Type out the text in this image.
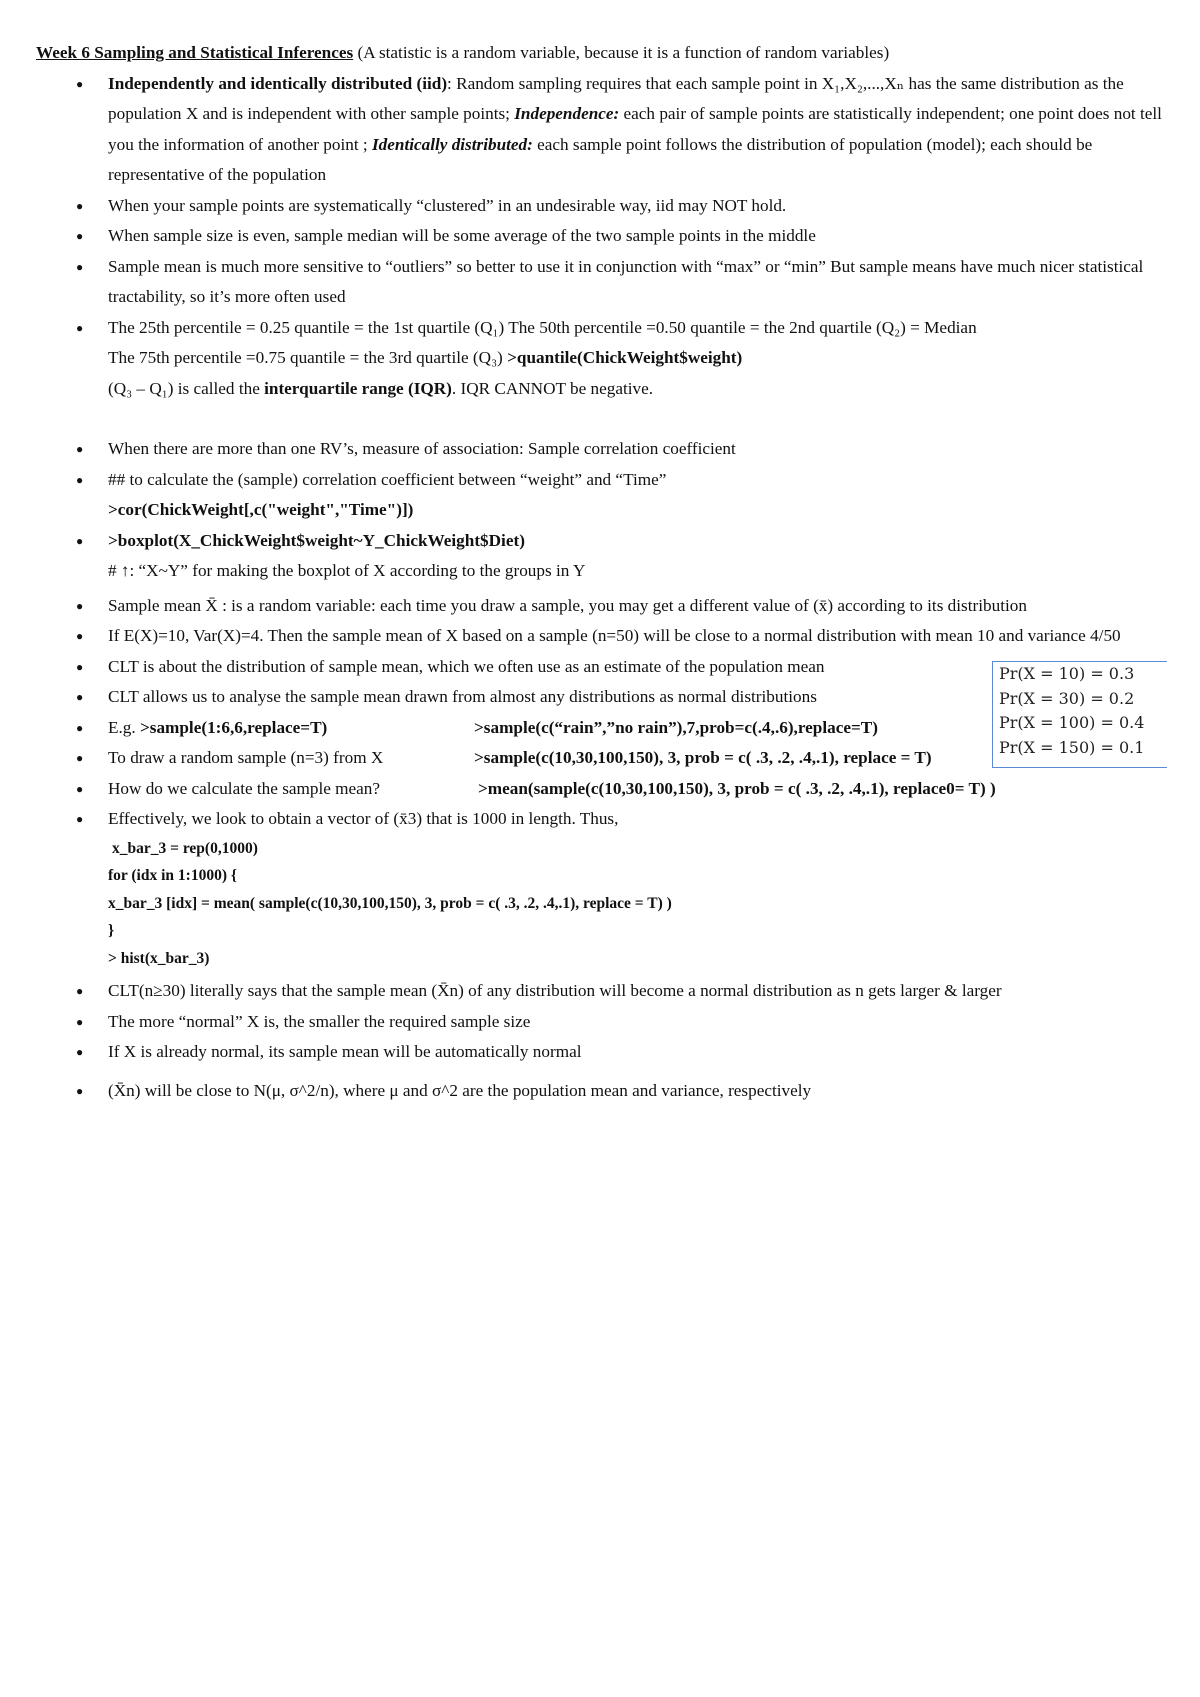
Week 6 Sampling and Statistical Inferences (A statistic is a random variable, because it is a function of random variables)
● Independently and identically distributed (iid): Random sampling requires that each sample point in X₁,X₂,...,Xₙ has the same distribution as the population X and is independent with other sample points; Independence: each pair of sample points are statistically independent; one point does not tell you the information of another point ; Identically distributed: each sample point follows the distribution of population (model); each should be representative of the population
● When your sample points are systematically “clustered” in an undesirable way, iid may NOT hold.
● When sample size is even, sample median will be some average of the two sample points in the middle
● Sample mean is much more sensitive to “outliers” so better to use it in conjunction with “max” or “min” But sample means have much nicer statistical tractability, so it’s more often used
● The 25th percentile = 0.25 quantile = the 1st quartile (Q₁) The 50th percentile =0.50 quantile = the 2nd quartile (Q₂) = Median
The 75th percentile =0.75 quantile = the 3rd quartile (Q₃) >quantile(ChickWeight$weight)
(Q₃ – Q₁) is called the interquartile range (IQR). IQR CANNOT be negative.
● When there are more than one RV’s, measure of association: Sample correlation coefficient
● ## to calculate the (sample) correlation coefficient between “weight” and “Time”
>cor(ChickWeight[,c("weight","Time")])
● >boxplot(X_ChickWeight$weight~Y_ChickWeight$Diet)
# ↑: “X~Y” for making the boxplot of X according to the groups in Y
● Sample mean X̄ : is a random variable: each time you draw a sample, you may get a different value of (x̄) according to its distribution
● If E(X)=10, Var(X)=4. Then the sample mean of X based on a sample (n=50) will be close to a normal distribution with mean 10 and variance 4/50
● CLT is about the distribution of sample mean, which we often use as an estimate of the population mean
● CLT allows us to analyse the sample mean drawn from almost any distributions as normal distributions
● E.g. >sample(1:6,6,replace=T)	>sample(c(“rain”,”no rain”),7,prob=c(.4,.6),replace=T)
● To draw a random sample (n=3) from X	>sample(c(10,30,100,150), 3, prob = c( .3, .2, .4,.1), replace = T)
● How do we calculate the sample mean?	>mean(sample(c(10,30,100,150), 3, prob = c( .3, .2, .4,.1), replace0= T) )
● Effectively, we look to obtain a vector of (x̄3) that is 1000 in length. Thus,
x_bar_3 = rep(0,1000)
for (idx in 1:1000) {
x_bar_3 [idx] = mean( sample(c(10,30,100,150), 3, prob = c( .3, .2, .4,.1), replace = T) )
}
> hist(x_bar_3)
● CLT(n≥30) literally says that the sample mean (X̄n) of any distribution will become a normal distribution as n gets larger & larger
● The more “normal” X is, the smaller the required sample size
● If X is already normal, its sample mean will be automatically normal
● (X̄n) will be close to N(μ, σ^2/n), where μ and σ^2 are the population mean and variance, respectively
Pr(X = 10) = 0.3
Pr(X = 30) = 0.2
Pr(X = 100) = 0.4
Pr(X = 150) = 0.1
